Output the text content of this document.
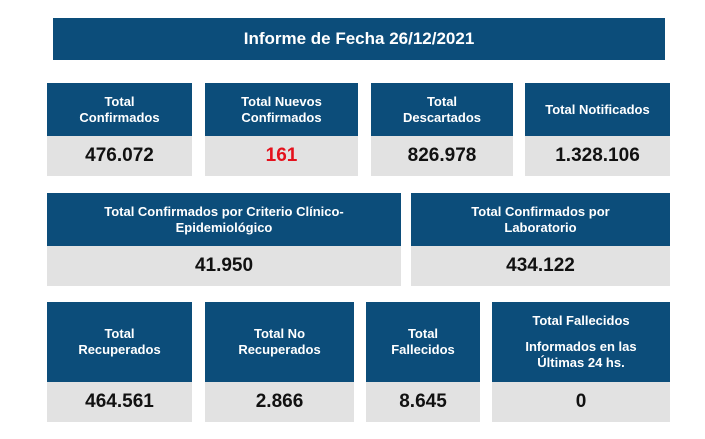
Informe de Fecha 26/12/2021
Total
Confirmados
476.072
Total Nuevos
Confirmados
161
Total
Descartados
826.978
Total Notificados
1.328.106
Total Confirmados por Criterio Clínico-
Epidemiológico
41.950
Total Confirmados por
Laboratorio
434.122
Total
Recuperados
464.561
Total No
Recuperados
2.866
Total
Fallecidos
8.645
Total Fallecidos
Informados en las
Últimas 24 hs.
0
